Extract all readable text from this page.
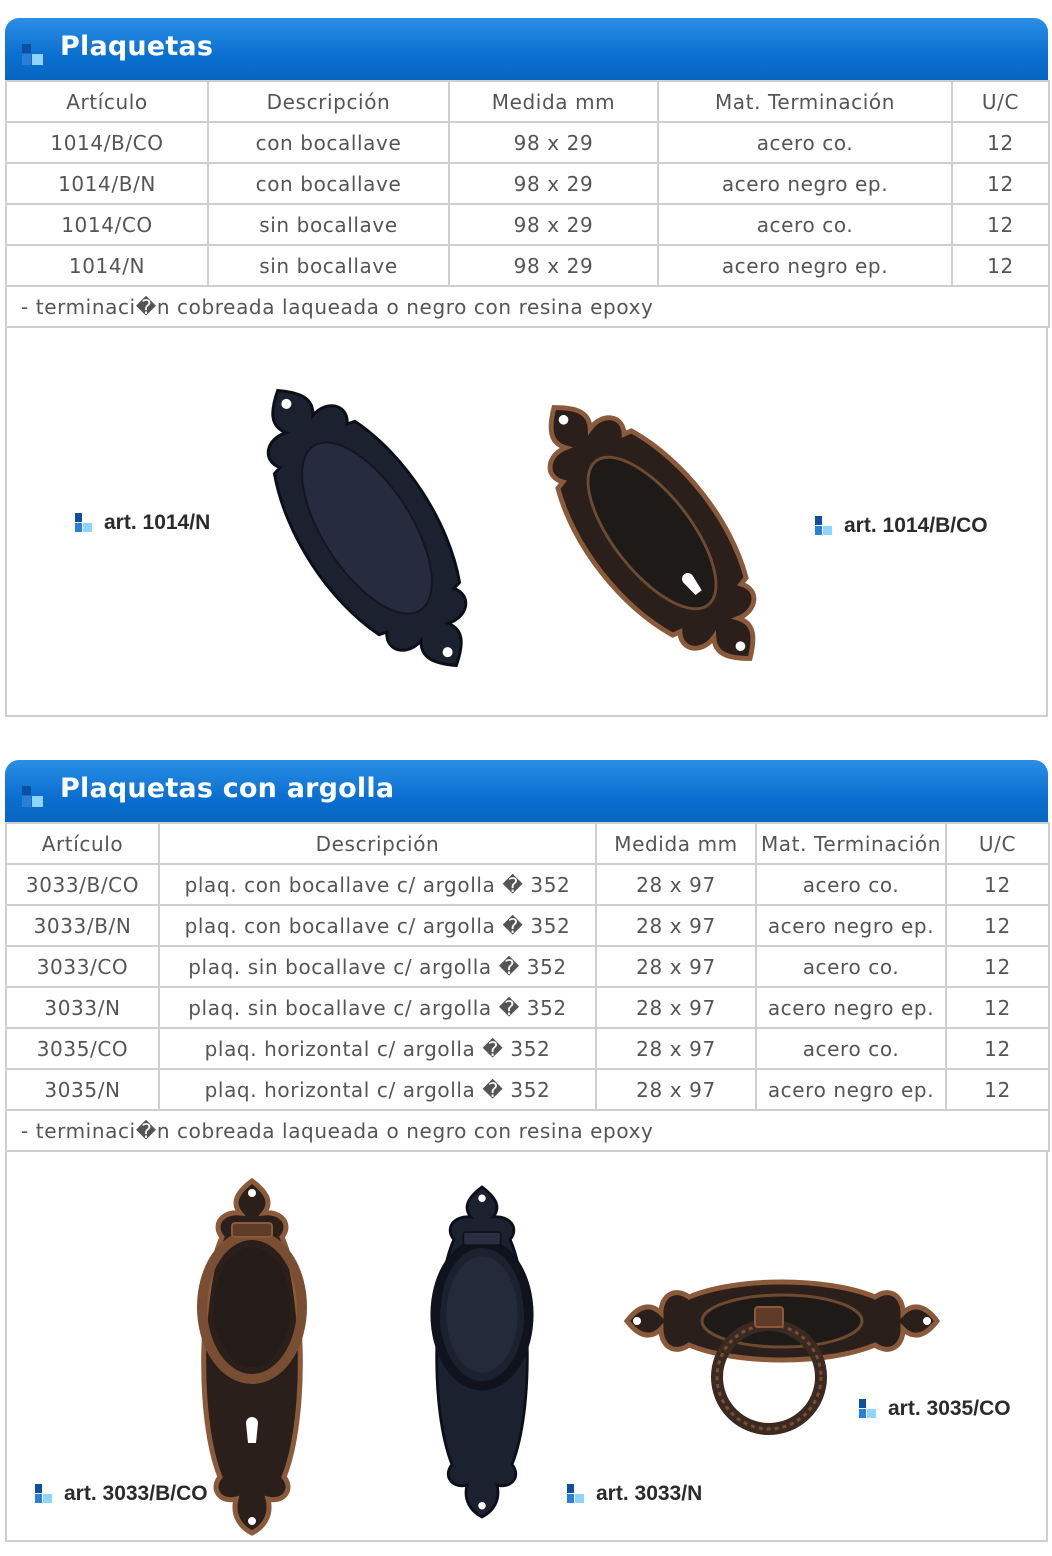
Plaquetas
Artículo	Descripción	Medida mm	Mat. Terminación	U/C
1014/B/CO	con bocallave	98 x 29	acero co.	12
1014/B/N	con bocallave	98 x 29	acero negro ep.	12
1014/CO	sin bocallave	98 x 29	acero co.	12
1014/N	sin bocallave	98 x 29	acero negro ep.	12
- terminaci�n cobreada laqueada o negro con resina epoxy				
art. 1014/N	art. 1014/B/CO
Plaquetas con argolla
Artículo	Descripción	Medida mm	Mat. Terminación	U/C
3033/B/CO	plaq. con bocallave c/ argolla � 352	28 x 97	acero co.	12
3033/B/N	plaq. con bocallave c/ argolla � 352	28 x 97	acero negro ep.	12
3033/CO	plaq. sin bocallave c/ argolla � 352	28 x 97	acero co.	12
3033/N	plaq. sin bocallave c/ argolla � 352	28 x 97	acero negro ep.	12
3035/CO	plaq. horizontal c/ argolla � 352	28 x 97	acero co.	12
3035/N	plaq. horizontal c/ argolla � 352	28 x 97	acero negro ep.	12
- terminaci�n cobreada laqueada o negro con resina epoxy				
art. 3033/B/CO	art. 3033/N
art. 3035/CO
